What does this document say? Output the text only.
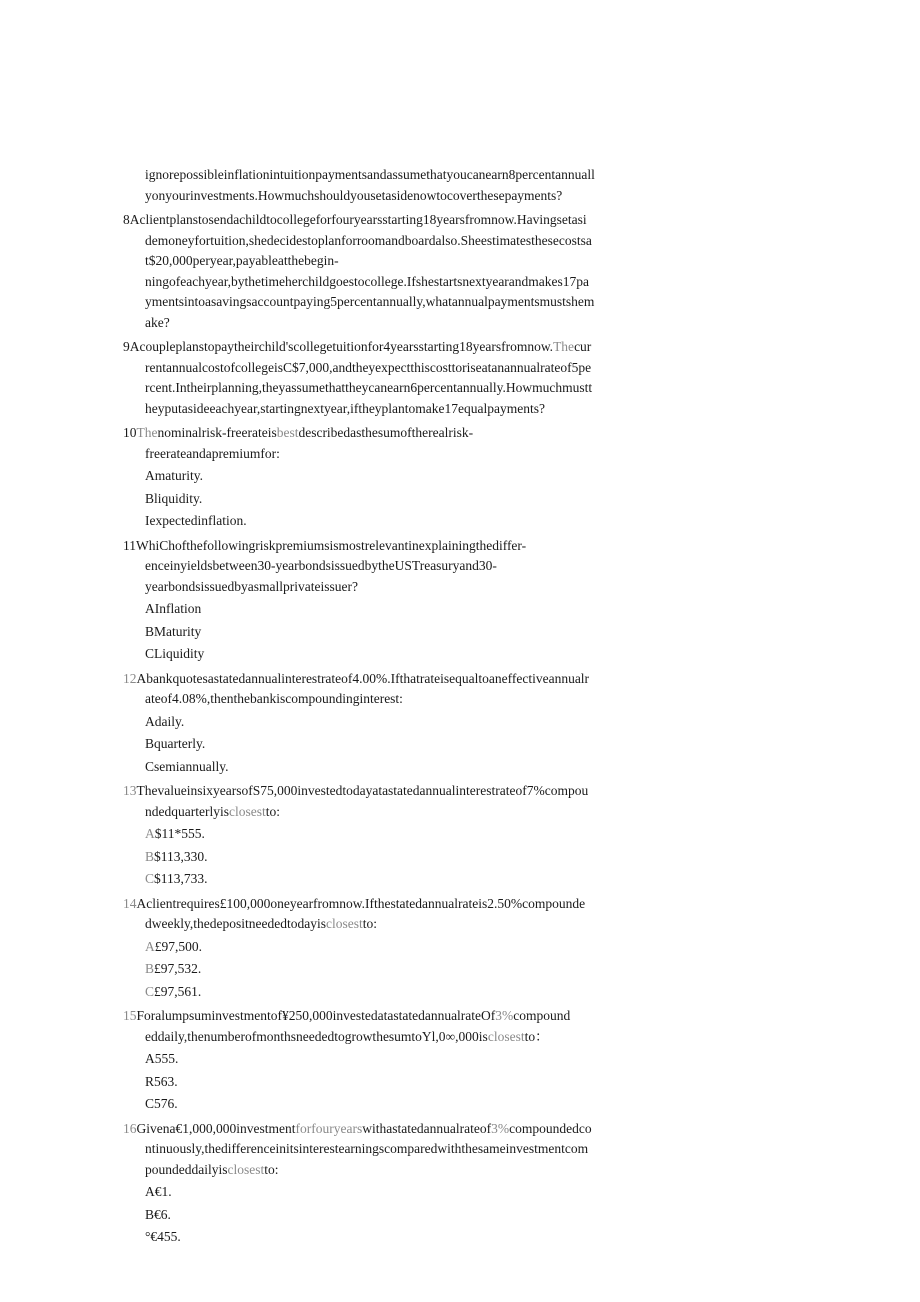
ignorepossibleinflationintuitionpaymentsandassumethatyoucanearn8percentannuall
yonyourinvestments.Howmuchshouldyousetasidenowtocoverthesepayments?
8Aclientplanstosendachildtocollegeforfouryearsstarting18yearsfromnow.Havingsetasi
demoneyfortuition,shedecidestoplanforroomandboardalso.Sheestimatesthesecostsa
t$20,000peryear,payableatthebegin-
ningofeachyear,bythetimeherchildgoestocollege.Ifshestartsnextyearandmakes17pa
ymentsintoasavingsaccountpaying5percentannually,whatannualpaymentsmustshem
ake?
9Acoupleplanstopaytheirchild'scollegetuitionfor4yearsstarting18yearsfromnow.Thecur
rentannualcostofcollegeisC$7,000,andtheyexpectthiscosttoriseatanannualrateof5pe
rcent.Intheirplanning,theyassumethattheycanearn6percentannually.Howmuchmustt
heyputasideeachyear,startingnextyear,iftheyplantomake17equalpayments?
10Thenominalrisk-freerateisbestdescribedasthesumoftherealrisk-
freerateandapremiumfor:
Amaturity.
Bliquidity.
Iexpectedinflation.
11WhiChofthefollowingriskpremiumsismostrelevantinexplainingthediffer-
enceinyieldsbetween30-yearbondsissuedbytheUSTreasuryand30-
yearbondsissuedbyasmallprivateissuer?
AInflation
BMaturity
CLiquidity
12Abankquotesastatedannualinterestrateof4.00%.Ifthatrateisequaltoaneffectiveannualr
ateof4.08%,thenthebankiscompoundinginterest:
Adaily.
Bquarterly.
Csemiannually.
13ThevalueinsixyearsofS75,000investedtodayatastatedannualinterestrateof7%compou
ndedquarterlyisclosestto:
A$11*555.
B$113,330.
C$113,733.
14Aclientrequires£100,000oneyearfromnow.Ifthestatedannualrateis2.50%compounde
dweekly,thedepositneededtodayisclosestto:
A£97,500.
B£97,532.
C£97,561.
15Foralumpsuminvestmentof¥250,000investedatastatedannualrateOf3%compound
eddaily,thenumberofmonthsneededtogrowthesumtoYl,0∞,000isclosestto：
A555.
R563.
C576.
16Givena€1,000,000investmentforfouryearswithastatedannualrateof3%compoundedco
ntinuously,thedifferenceinitsinterestearningscomparedwiththesameinvestmentcom
poundeddailyisclosestto:
A€1.
B€6.
°€455.
